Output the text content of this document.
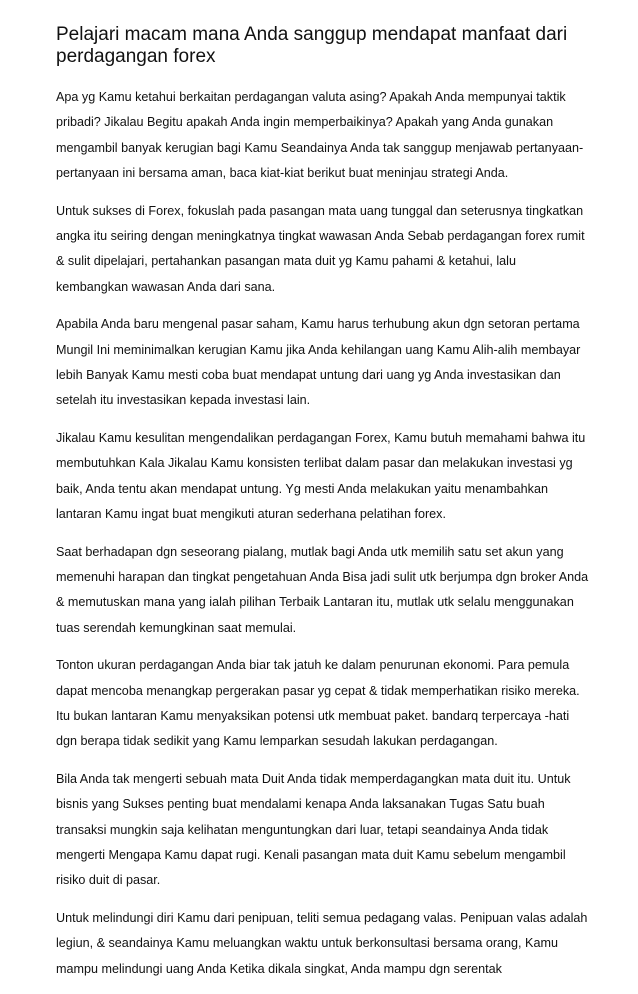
Pelajari macam mana Anda sanggup mendapat manfaat dari perdagangan forex

Apa yg Kamu ketahui berkaitan perdagangan valuta asing? Apakah Anda mempunyai taktik pribadi? Jikalau Begitu apakah Anda ingin memperbaikinya? Apakah yang Anda gunakan mengambil banyak kerugian bagi Kamu Seandainya Anda tak sanggup menjawab pertanyaan-pertanyaan ini bersama aman, baca kiat-kiat berikut buat meninjau strategi Anda.

Untuk sukses di Forex, fokuslah pada pasangan mata uang tunggal dan seterusnya tingkatkan angka itu seiring dengan meningkatnya tingkat wawasan Anda Sebab perdagangan forex rumit & sulit dipelajari, pertahankan pasangan mata duit yg Kamu pahami & ketahui, lalu kembangkan wawasan Anda dari sana.

Apabila Anda baru mengenal pasar saham, Kamu harus terhubung akun dgn setoran pertama Mungil Ini meminimalkan kerugian Kamu jika Anda kehilangan uang Kamu Alih-alih membayar lebih Banyak Kamu mesti coba buat mendapat untung dari uang yg Anda investasikan dan setelah itu investasikan kepada investasi lain.

Jikalau Kamu kesulitan mengendalikan perdagangan Forex, Kamu butuh memahami bahwa itu membutuhkan Kala Jikalau Kamu konsisten terlibat dalam pasar dan melakukan investasi yg baik, Anda tentu akan mendapat untung. Yg mesti Anda melakukan yaitu menambahkan lantaran Kamu ingat buat mengikuti aturan sederhana pelatihan forex.

Saat berhadapan dgn seseorang pialang, mutlak bagi Anda utk memilih satu set akun yang memenuhi harapan dan tingkat pengetahuan Anda Bisa jadi sulit utk berjumpa dgn broker Anda & memutuskan mana yang ialah pilihan Terbaik Lantaran itu, mutlak utk selalu menggunakan tuas serendah kemungkinan saat memulai.

Tonton ukuran perdagangan Anda biar tak jatuh ke dalam penurunan ekonomi. Para pemula dapat mencoba menangkap pergerakan pasar yg cepat & tidak memperhatikan risiko mereka. Itu bukan lantaran Kamu menyaksikan potensi utk membuat paket. bandarq terpercaya -hati dgn berapa tidak sedikit yang Kamu lemparkan sesudah lakukan perdagangan.

Bila Anda tak mengerti sebuah mata Duit Anda tidak memperdagangkan mata duit itu. Untuk bisnis yang Sukses penting buat mendalami kenapa Anda laksanakan Tugas Satu buah transaksi mungkin saja kelihatan menguntungkan dari luar, tetapi seandainya Anda tidak mengerti Mengapa Kamu dapat rugi. Kenali pasangan mata duit Kamu sebelum mengambil risiko duit di pasar.

Untuk melindungi diri Kamu dari penipuan, teliti semua pedagang valas. Penipuan valas adalah legiun, & seandainya Kamu meluangkan waktu untuk berkonsultasi bersama orang, Kamu mampu melindungi uang Anda Ketika dikala singkat, Anda mampu dgn serentak
